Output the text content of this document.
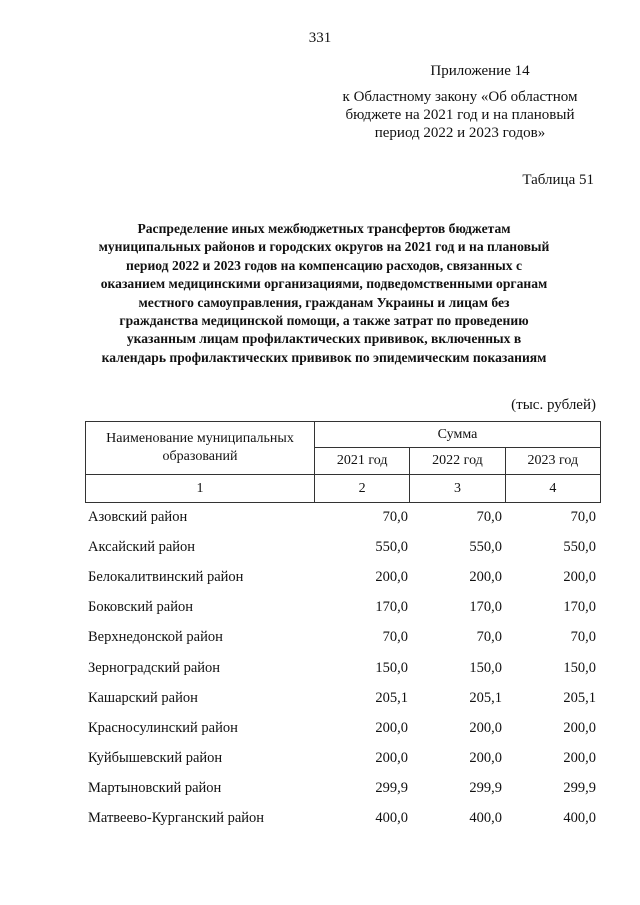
331
Приложение 14
к Областному закону «Об областном
бюджете на 2021 год и на плановый
период 2022 и 2023 годов»
Таблица 51
Распределение иных межбюджетных трансфертов бюджетам
муниципальных районов и городских округов на 2021 год и на плановый
период 2022 и 2023 годов на компенсацию расходов, связанных с
оказанием медицинскими организациями, подведомственными органам
местного самоуправления, гражданам Украины и лицам без
гражданства медицинской помощи, а также затрат по проведению
указанным лицам профилактических прививок, включенных в
календарь профилактических прививок по эпидемическим показаниям
(тыс. рублей)
Наименование муниципальных
образований	Сумма		
	2021 год	2022 год	2023 год
1	2	3	4
Азовский район	70,0	70,0	70,0
Аксайский район	550,0	550,0	550,0
Белокалитвинский район	200,0	200,0	200,0
Боковский район	170,0	170,0	170,0
Верхнедонской район	70,0	70,0	70,0
Зерноградский район	150,0	150,0	150,0
Кашарский район	205,1	205,1	205,1
Красносулинский район	200,0	200,0	200,0
Куйбышевский район	200,0	200,0	200,0
Мартыновский район	299,9	299,9	299,9
Матвеево-Курганский район	400,0	400,0	400,0
